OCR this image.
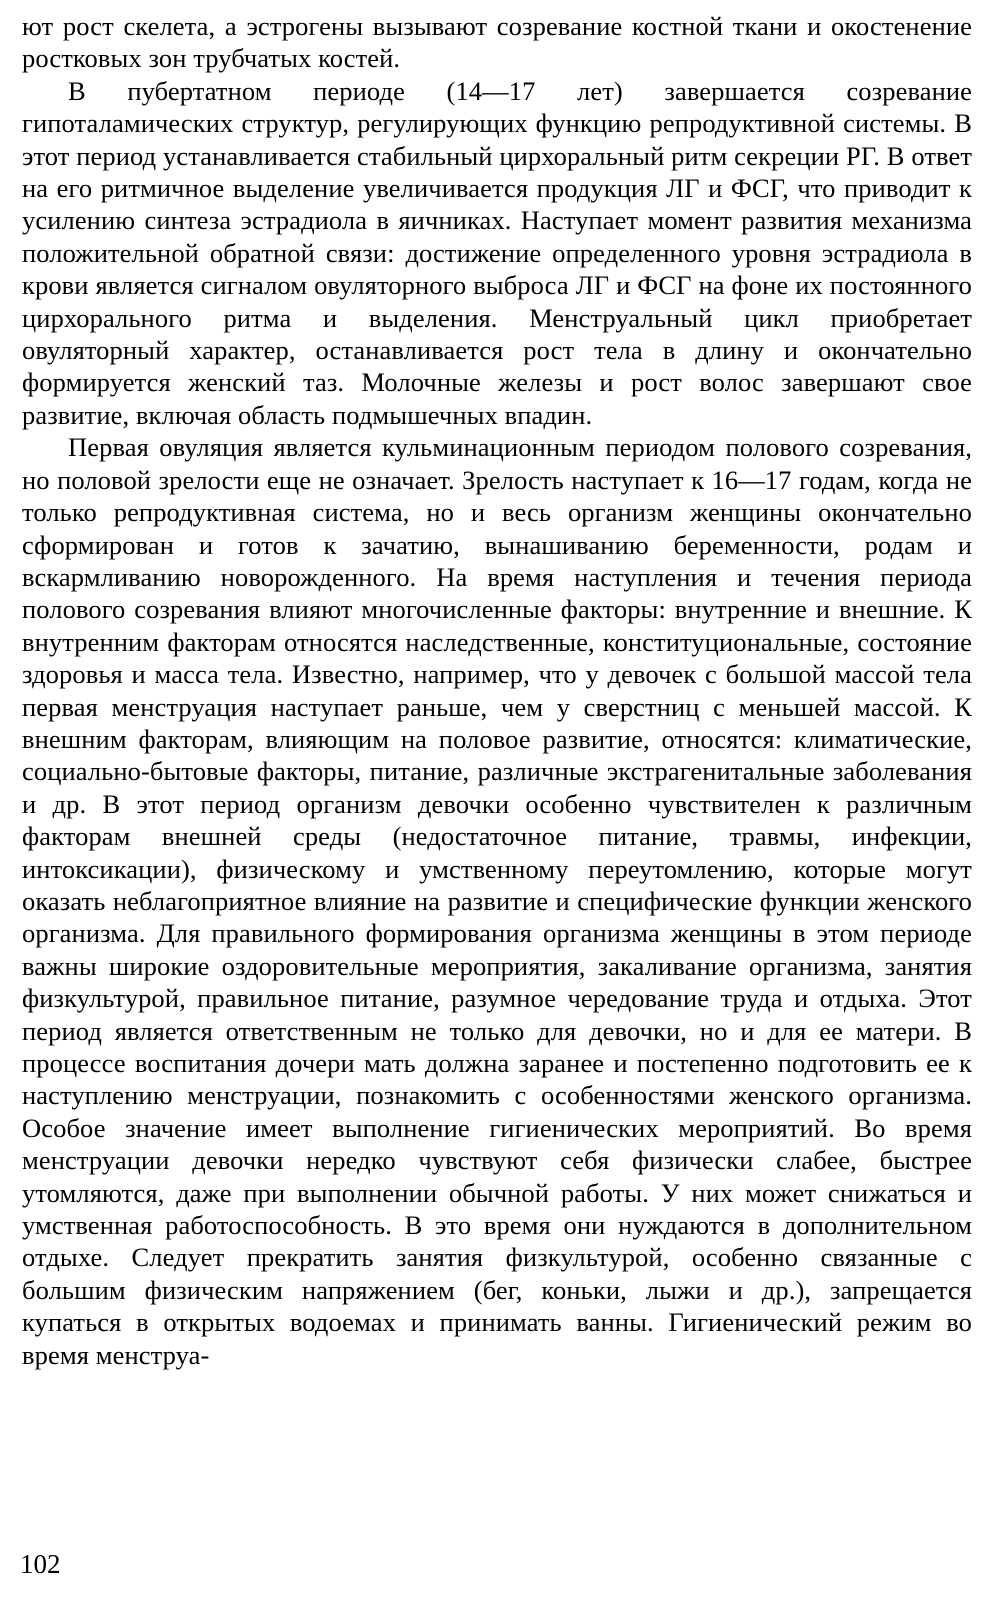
ют рост скелета, а эстрогены вызывают созревание костной ткани и окостенение ростковых зон трубчатых костей.

В пубертатном периоде (14—17 лет) завершается созревание гипоталамических структур, регулирующих функцию репродуктивной системы. В этот период устанавливается стабильный цирхоральный ритм секреции РГ. В ответ на его ритмичное выделение увеличивается продукция ЛГ и ФСГ, что приводит к усилению синтеза эстрадиола в яичниках. Наступает момент развития механизма положительной обратной связи: достижение определенного уровня эстрадиола в крови является сигналом овуляторного выброса ЛГ и ФСГ на фоне их постоянного цирхорального ритма и выделения. Менструальный цикл приобретает овуляторный характер, останавливается рост тела в длину и окончательно формируется женский таз. Молочные железы и рост волос завершают свое развитие, включая область подмышечных впадин.

Первая овуляция является кульминационным периодом полового созревания, но половой зрелости еще не означает. Зрелость наступает к 16—17 годам, когда не только репродуктивная система, но и весь организм женщины окончательно сформирован и готов к зачатию, вынашиванию беременности, родам и вскармливанию новорожденного. На время наступления и течения периода полового созревания влияют многочисленные факторы: внутренние и внешние. К внутренним факторам относятся наследственные, конституциональные, состояние здоровья и масса тела. Известно, например, что у девочек с большой массой тела первая менструация наступает раньше, чем у сверстниц с меньшей массой. К внешним факторам, влияющим на половое развитие, относятся: климатические, социально-бытовые факторы, питание, различные экстрагенитальные заболевания и др. В этот период организм девочки особенно чувствителен к различным факторам внешней среды (недостаточное питание, травмы, инфекции, интоксикации), физическому и умственному переутомлению, которые могут оказать неблагоприятное влияние на развитие и специфические функции женского организма. Для правильного формирования организма женщины в этом периоде важны широкие оздоровительные мероприятия, закаливание организма, занятия физкультурой, правильное питание, разумное чередование труда и отдыха. Этот период является ответственным не только для девочки, но и для ее матери. В процессе воспитания дочери мать должна заранее и постепенно подготовить ее к наступлению менструации, познакомить с особенностями женского организма. Особое значение имеет выполнение гигиенических мероприятий. Во время менструации девочки нередко чувствуют себя физически слабее, быстрее утомляются, даже при выполнении обычной работы. У них может снижаться и умственная работоспособность. В это время они нуждаются в дополнительном отдыхе. Следует прекратить занятия физкультурой, особенно связанные с большим физическим напряжением (бег, коньки, лыжи и др.), запрещается купаться в открытых водоемах и принимать ванны. Гигиенический режим во время менструа-

102
